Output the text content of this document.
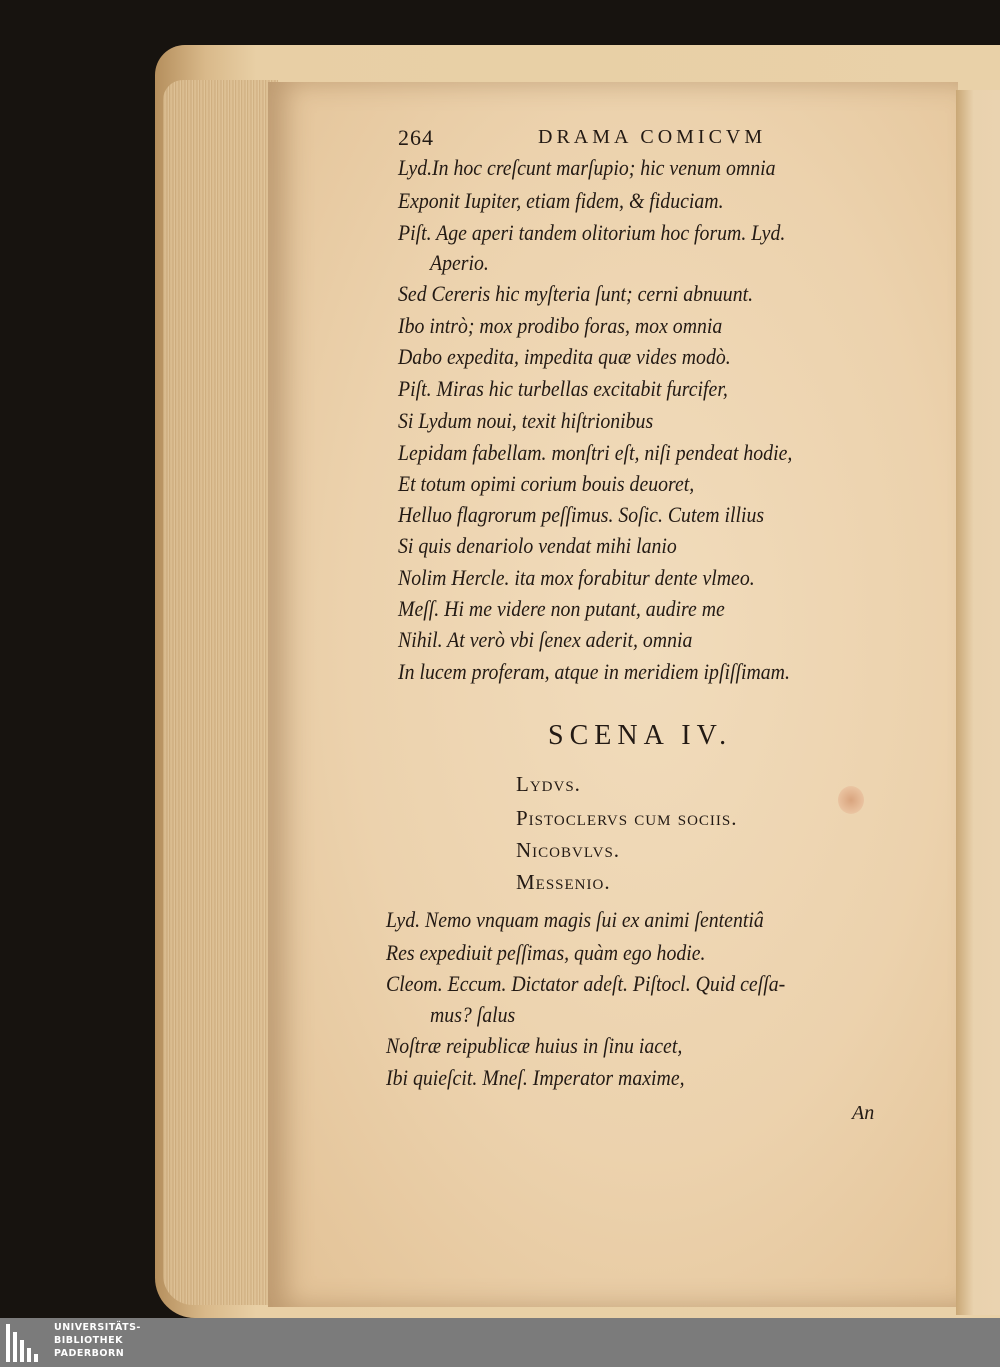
264	DRAMA COMICVM
Lyd.In hoc creſcunt marſupio; hic venum omnia
Exponit Iupiter, etiam fidem, & fiduciam.
Piſt. Age aperi tandem olitorium hoc forum. Lyd.
Aperio.
Sed Cereris hic myſteria ſunt; cerni abnuunt.
Ibo intrò; mox prodibo foras, mox omnia
Dabo expedita, impedita quæ vides modò.
Piſt. Miras hic turbellas excitabit furcifer,
Si Lydum noui, texit hiſtrionibus
Lepidam fabellam. monſtri eſt, niſi pendeat hodie,
Et totum opimi corium bouis deuoret,
Helluo flagrorum peſſimus. Soſic. Cutem illius
Si quis denariolo vendat mihi lanio
Nolim Hercle. ita mox forabitur dente vlmeo.
Meſſ. Hi me videre non putant, audire me
Nihil. At verò vbi ſenex aderit, omnia
In lucem proferam, atque in meridiem ipſiſſimam.
SCENA IV.
Lydvs.
Pistoclervs cum ſociis.
Nicobvlvs.
Messenio.
Lyd. Nemo vnquam magis ſui ex animi ſententiâ
Res expediuit peſſimas, quàm ego hodie.
Cleom. Eccum. Dictator adeſt. Piſtocl. Quid ceſſa-
mus? ſalus
Noſtræ reipublicæ huius in ſinu iacet,
Ibi quieſcit. Mneſ. Imperator maxime,
An
UNIVERSITÄTS-
BIBLIOTHEK
PADERBORN
